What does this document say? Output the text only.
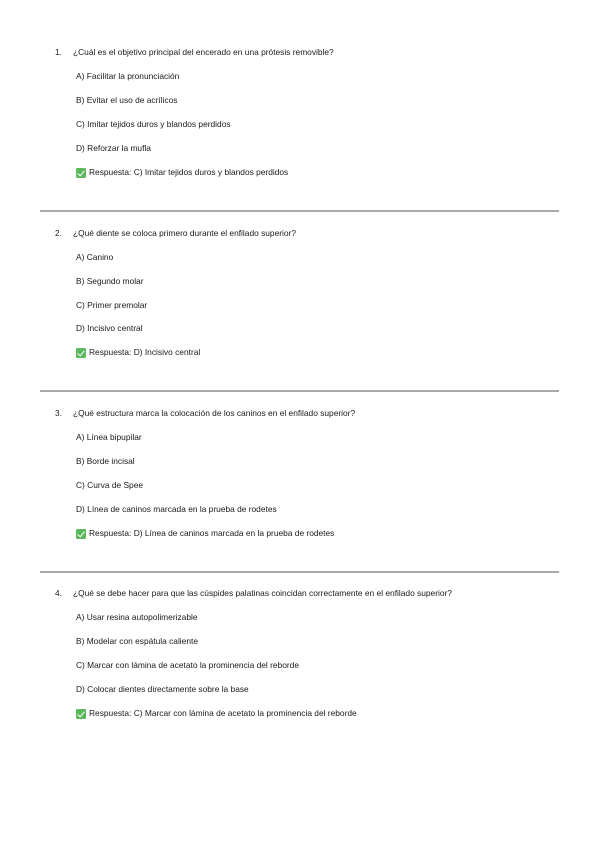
1. ¿Cuál es el objetivo principal del encerado en una prótesis removible?
A) Facilitar la pronunciación
B) Evitar el uso de acrílicos
C) Imitar tejidos duros y blandos perdidos
D) Reforzar la mufla
Respuesta: C) Imitar tejidos duros y blandos perdidos
2. ¿Qué diente se coloca primero durante el enfilado superior?
A) Canino
B) Segundo molar
C) Primer premolar
D) Incisivo central
Respuesta: D) Incisivo central
3. ¿Qué estructura marca la colocación de los caninos en el enfilado superior?
A) Línea bipupilar
B) Borde incisal
C) Curva de Spee
D) Línea de caninos marcada en la prueba de rodetes
Respuesta: D) Línea de caninos marcada en la prueba de rodetes
4. ¿Qué se debe hacer para que las cúspides palatinas coincidan correctamente en el enfilado superior?
A) Usar resina autopolimerizable
B) Modelar con espátula caliente
C) Marcar con lámina de acetato la prominencia del reborde
D) Colocar dientes directamente sobre la base
Respuesta: C) Marcar con lámina de acetato la prominencia del reborde
